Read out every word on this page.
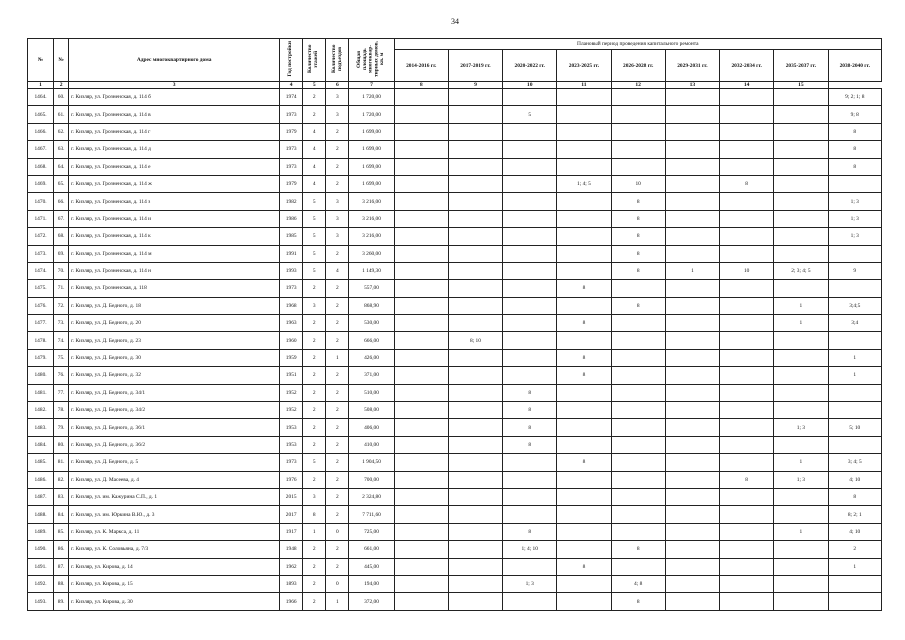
34
№	№	Адрес многоквартирного дома	Год постройки	Количество этажей	Количество подъездов	Общая площадь многоквар-тирных домов, кв. м	Плановый период проведения капитального ремонта								
							2014-2016 гг.	2017-2019 гг.	2020-2022 гг.	2023-2025 гг.	2026-2028 гг.	2029-2031 гг.	2032-2034 гг.	2035-2037 гг.	2038-2040 гг.
1	2	3	4	5	6	7	8	9	10	11	12	13	14	15	
1464.	60.	г. Кизляр, ул. Грозненская, д. 114 б	1974	2	3	1 720,00									9; 2; 1; 8
1465.	61.	г. Кизляр, ул. Грозненская, д. 114 в	1973	2	3	1 720,00			5						9; 8
1466.	62.	г. Кизляр, ул. Грозненская, д. 114 г	1979	4	2	1 699,00									8
1467.	63.	г. Кизляр, ул. Грозненская, д. 114 д	1973	4	2	1 699,00									8
1468.	64.	г. Кизляр, ул. Грозненская, д. 114 е	1973	4	2	1 699,00									8
1469.	65.	г. Кизляр, ул. Грозненская, д. 114 ж	1979	4	2	1 699,00				1; 4; 5	10		8		
1470.	66.	г. Кизляр, ул. Грозненская, д. 114 з	1982	5	3	3 216,00					8				1; 3
1471.	67.	г. Кизляр, ул. Грозненская, д. 114 и	1986	5	3	3 216,00					8				1; 3
1472.	68.	г. Кизляр, ул. Грозненская, д. 114 к	1985	5	3	3 216,00					8				1; 3
1473.	69.	г. Кизляр, ул. Грозненская, д. 114 м	1991	5	2	3 260,00					8				
1474.	70.	г. Кизляр, ул. Грозненская, д. 114 н	1993	5	4	1 149,30					8	1	10	2; 3; 4; 5	9
1475.	71.	г. Кизляр, ул. Грозненская, д. 118	1973	2	2	557,00				8					
1476.	72.	г. Кизляр, ул. Д. Бедного, д. 18	1968	3	2	868,90					8			1	3;4;5
1477.	73.	г. Кизляр, ул. Д. Бедного, д. 20	1963	2	2	530,00				8				1	3;4
1478.	74.	г. Кизляр, ул. Д. Бедного, д. 23	1960	2	2	666,00		8; 10							
1479.	75.	г. Кизляр, ул. Д. Бедного, д. 30	1959	2	1	426,00				8					1
1480.	76.	г. Кизляр, ул. Д. Бедного, д. 32	1951	2	2	371,00				8					1
1481.	77.	г. Кизляр, ул. Д. Бедного, д. 34/1	1952	2	2	510,00			8						
1482.	78.	г. Кизляр, ул. Д. Бедного, д. 34/2	1952	2	2	508,00			8						
1483.	79.	г. Кизляр, ул. Д. Бедного, д. 36/1	1953	2	2	406,00			8					1; 3	5; 10
1484.	80.	г. Кизляр, ул. Д. Бедного, д. 36/2	1953	2	2	410,00			8						
1485.	81.	г. Кизляр, ул. Д. Бедного, д. 5	1973	5	2	1 904,50				8				1	3; 4; 5
1486.	82.	г. Кизляр, ул. Д. Масеева, д. 4	1976	2	2	700,00							8	1; 3	4; 10
1487.	83.	г. Кизляр, ул. им. Кажурина С.П., д. 1	2015	3	2	2 324,80									8
1488.	84.	г. Кизляр, ул. им. Юркина В.Ю., д. 3	2017	8	2	7 711,60									8; 2; 1
1489.	85.	г. Кизляр, ул. К. Маркса, д. 11	1917	1	0	725,00			8					1	4; 10
1490.	86.	г. Кизляр, ул. К. Соловьяна, д. 7/3	1948	2	2	661,00			1; 4; 10		8				2
1491.	87.	г. Кизляр, ул. Кирова, д. 14	1962	2	2	445,00				8					1
1492.	88.	г. Кизляр, ул. Кирова, д. 15	1893	2	0	194,00			1; 3		4; 8				
1493.	89.	г. Кизляр, ул. Кирова, д. 30	1966	2	1	372,00					8				
